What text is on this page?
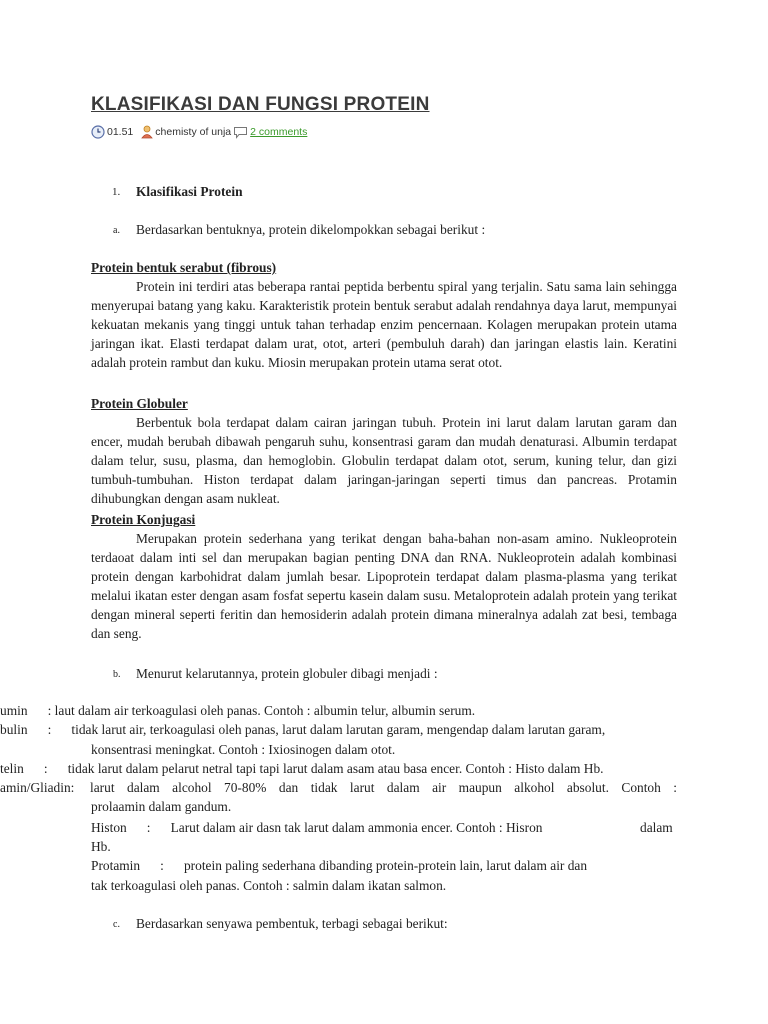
KLASIFIKASI DAN FUNGSI PROTEIN
01.51 chemisty of unja 2 comments
1. Klasifikasi Protein
a. Berdasarkan bentuknya, protein dikelompokkan sebagai berikut :
Protein bentuk serabut (fibrous)
Protein ini terdiri atas beberapa rantai peptida berbentu spiral yang terjalin. Satu sama lain sehingga menyerupai batang yang kaku. Karakteristik protein bentuk serabut adalah rendahnya daya larut, mempunyai kekuatan mekanis yang tinggi untuk tahan terhadap enzim pencernaan. Kolagen merupakan protein utama jaringan ikat. Elasti terdapat dalam urat, otot, arteri (pembuluh darah) dan jaringan elastis lain. Keratini adalah protein rambut dan kuku. Miosin merupakan protein utama serat otot.
Protein Globuler
Berbentuk bola terdapat dalam cairan jaringan tubuh. Protein ini larut dalam larutan garam dan encer, mudah berubah dibawah pengaruh suhu, konsentrasi garam dan mudah denaturasi. Albumin terdapat dalam telur, susu, plasma, dan hemoglobin. Globulin terdapat dalam otot, serum, kuning telur, dan gizi tumbuh-tumbuhan. Histon terdapat dalam jaringan-jaringan seperti timus dan pancreas. Protamin dihubungkan dengan asam nukleat.
Protein Konjugasi
Merupakan protein sederhana yang terikat dengan baha-bahan non-asam amino. Nukleoprotein terdaoat dalam inti sel dan merupakan bagian penting DNA dan RNA. Nukleoprotein adalah kombinasi protein dengan karbohidrat dalam jumlah besar. Lipoprotein terdapat dalam plasma-plasma yang terikat melalui ikatan ester dengan asam fosfat sepertu kasein dalam susu. Metaloprotein adalah protein yang terikat dengan mineral seperti feritin dan hemosiderin adalah protein dimana mineralnya adalah zat besi, tembaga dan seng.
b. Menurut kelarutannya, protein globuler dibagi menjadi :
umin      : laut dalam air terkoagulasi oleh panas. Contoh : albumin telur, albumin serum.
bulin      :      tidak larut air, terkoagulasi oleh panas, larut dalam larutan garam, mengendap dalam larutan garam,
konsentrasi meningkat. Contoh : Ixiosinogen dalam otot.
telin      :      tidak larut dalam pelarut netral tapi tapi larut dalam asam atau basa encer. Contoh : Histo dalam Hb.
amin/Gliadin: larut dalam alcohol 70-80% dan tidak larut dalam air maupun alkohol absolut. Contoh :
prolaamin dalam gandum.
Histon      :      Larut dalam air dasn tak larut dalam ammonia encer. Contoh : Hisron	dalam
Hb.
Protamin      :      protein paling sederhana dibanding protein-protein lain, larut dalam air dan
tak terkoagulasi oleh panas. Contoh : salmin dalam ikatan salmon.
c. Berdasarkan senyawa pembentuk, terbagi sebagai berikut:
